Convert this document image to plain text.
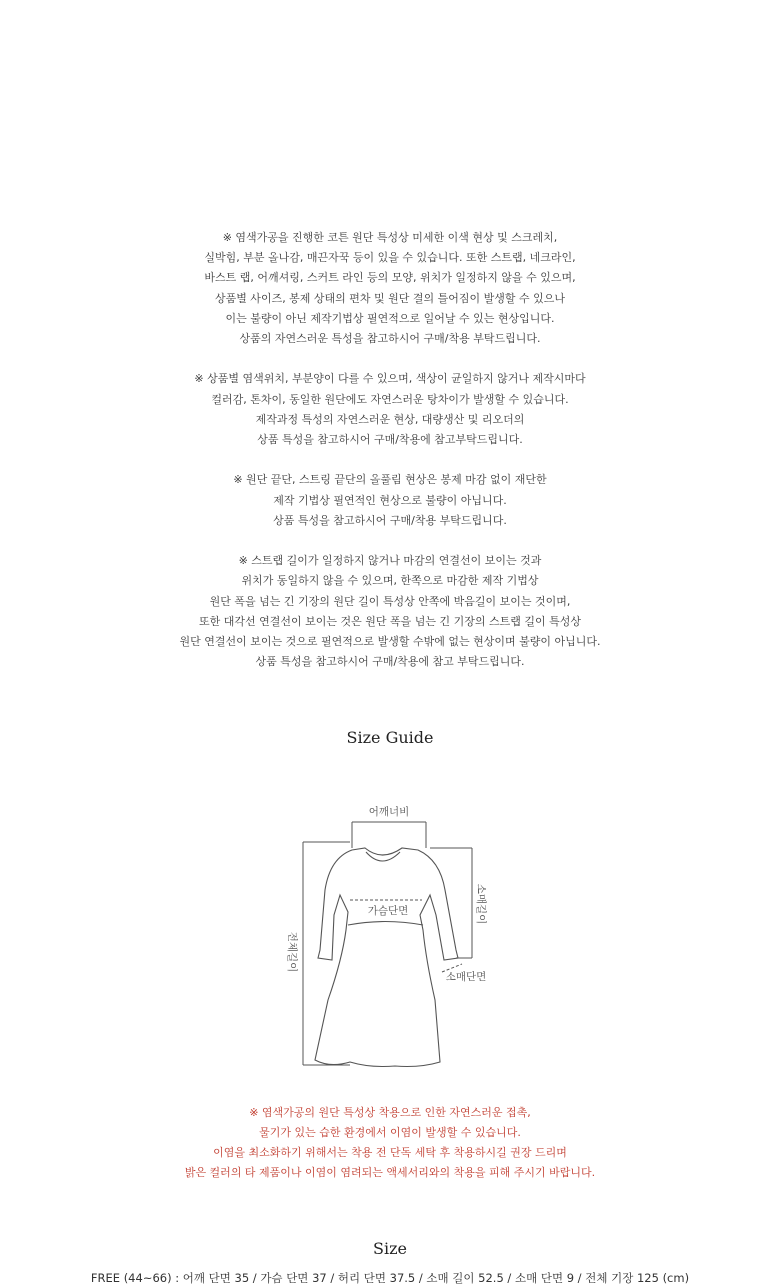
※ 염색가공을 진행한 코튼 원단 특성상 미세한 이색 현상 및 스크레치,
실박힘, 부분 올나감, 매끈자꾹 등이 있을 수 있습니다. 또한 스트랩, 네크라인,
바스트 랩, 어깨셔링, 스커트 라인 등의 모양, 위치가 일정하지 않을 수 있으며,
상품별 사이즈, 봉제 상태의 편차 및 원단 결의 틀어짐이 발생할 수 있으나
이는 불량이 아닌 제작기법상 필연적으로 일어날 수 있는 현상입니다.
상품의 자연스러운 특성을 참고하시어 구매/착용 부탁드립니다.

※ 상품별 염색위치, 부분양이 다를 수 있으며, 색상이 균일하지 않거나 제작시마다
컬러감, 톤차이, 동일한 원단에도 자연스러운 탕차이가 발생할 수 있습니다.
제작과정 특성의 자연스러운 현상, 대량생산 및 리오더의
상품 특성을 참고하시어 구매/착용에 참고부탁드립니다.

※ 원단 끝단, 스트링 끝단의 올풀림 현상은 봉제 마감 없이 재단한
제작 기법상 필연적인 현상으로 불량이 아닙니다.
상품 특성을 참고하시어 구매/착용 부탁드립니다.

※ 스트랩 길이가 일정하지 않거나 마감의 연결선이 보이는 것과
위치가 동일하지 않을 수 있으며, 한쪽으로 마감한 제작 기법상
원단 폭을 넘는 긴 기장의 원단 길이 특성상 안쪽에 박음길이 보이는 것이며,
또한 대각선 연결선이 보이는 것은 원단 폭을 넘는 긴 기장의 스트랩 길이 특성상
원단 연결선이 보이는 것으로 필연적으로 발생할 수밖에 없는 현상이며 불량이 아닙니다.
상품 특성을 참고하시어 구매/착용에 참고 부탁드립니다.

Size Guide
어깨너비
가슴단면
소매단면
소매길이
전체길이
※ 염색가공의 원단 특성상 착용으로 인한 자연스러운 접촉,
물기가 있는 습한 환경에서 이염이 발생할 수 있습니다.
이염을 최소화하기 위해서는 착용 전 단독 세탁 후 착용하시길 권장 드리며
밝은 컬러의 타 제품이나 이염이 염려되는 액세서리와의 착용을 피해 주시기 바랍니다.
Size
FREE (44~66) : 어깨 단면 35 / 가슴 단면 37 / 허리 단면 37.5 / 소매 길이 52.5 / 소매 단면 9 / 전체 기장 125 (cm)
